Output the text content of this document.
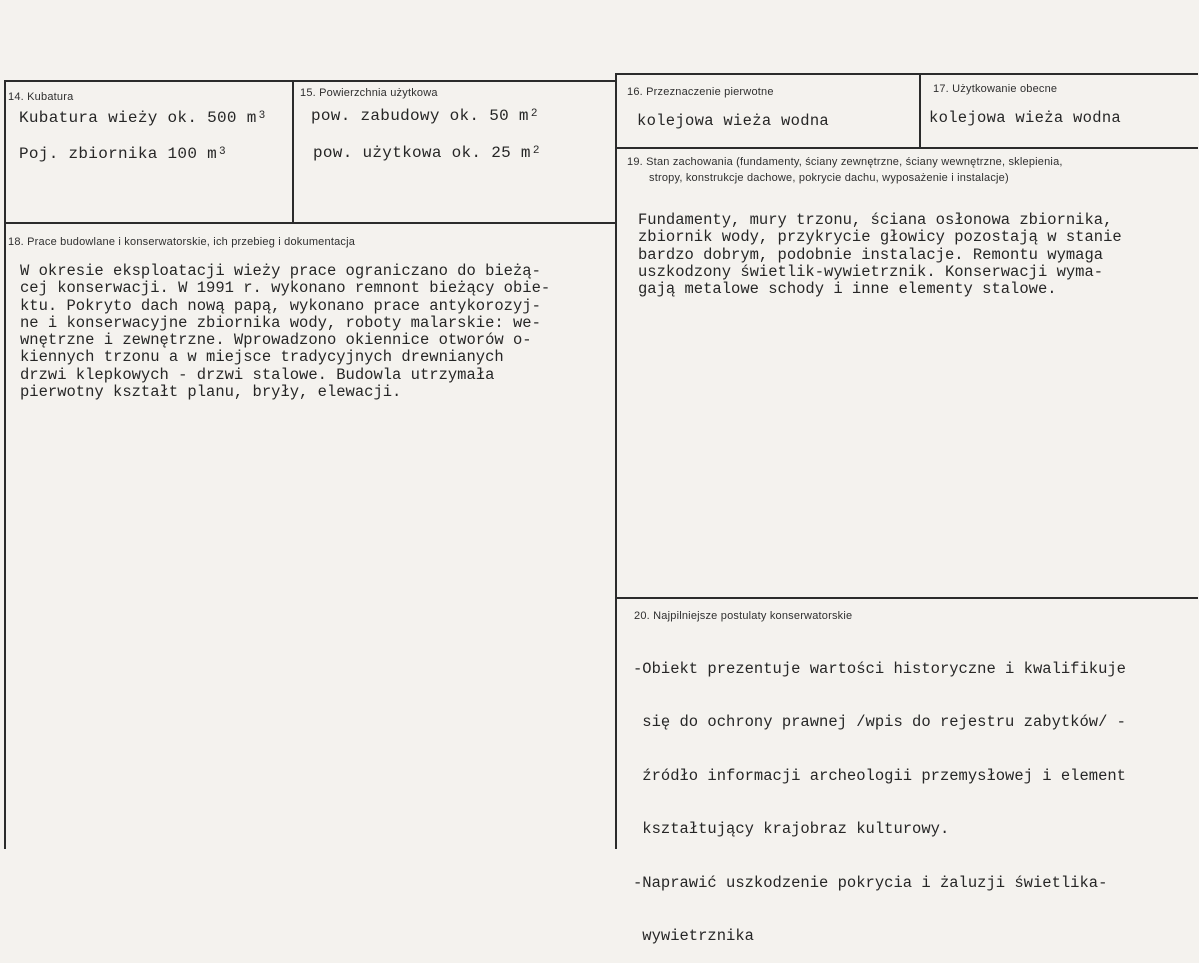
14. Kubatura
Kubatura wieży ok. 500 m $^3$
Poj. zbiornika 100 m $^3$
15. Powierzchnia użytkowa
pow. zabudowy ok. 50 m $^2$
pow. użytkowa ok. 25 m $^2$
16. Przeznaczenie pierwotne
kolejowa wieża wodna
17. Użytkowanie obecne
kolejowa wieża wodna
18. Prace budowlane i konserwatorskie, ich przebieg i dokumentacja

W okresie eksploatacji wieży prace ograniczano do bieżą-

cej konserwacji. W 1991 r. wykonano remnont bieżący obie-

ktu. Pokryto dach nową papą, wykonano prace antykorozyj-

ne i konserwacyjne zbiornika wody, roboty malarskie: we-

wnętrzne i zewnętrzne. Wprowadzono okiennice otworów o-

kiennych trzonu a w miejsce tradycyjnych drewnianych

drzwi klepkowych - drzwi stalowe. Budowla utrzymała

pierwotny kształt planu, bryły, elewacji.

19. Stan zachowania (fundamenty, ściany zewnętrzne, ściany wewnętrzne, sklepienia,
stropy, konstrukcje dachowe, pokrycie dachu, wyposażenie i instalacje)

Fundamenty, mury trzonu, ściana osłonowa zbiornika,

zbiornik wody, przykrycie głowicy pozostają w stanie

bardzo dobrym, podobnie instalacje. Remontu wymaga

uszkodzony świetlik-wywietrznik. Konserwacji wyma-

gają metalowe schody i inne elementy stalowe.

20. Najpilniejsze postulaty konserwatorskie

-Obiekt prezentuje wartości historyczne i kwalifikuje

się do ochrony prawnej /wpis do rejestru zabytków/ -

źródło informacji archeologii przemysłowej i element

kształtujący krajobraz kulturowy.

-Naprawić uszkodzenie pokrycia i żaluzji świetlika-

wywietrznika
